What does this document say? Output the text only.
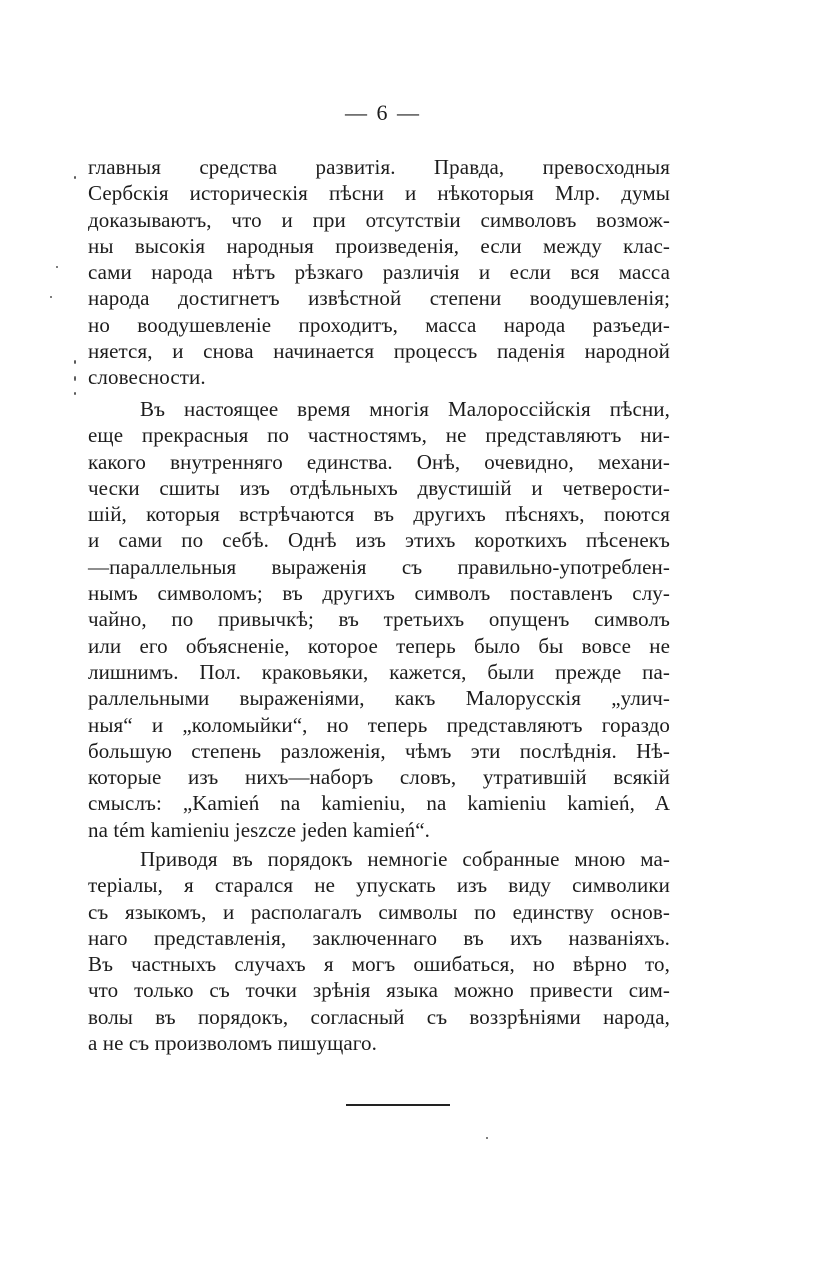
— 6 —
главныя средства развитія. Правда, превосходныя
Сербскія историческія пѣсни и нѣкоторыя Млр. думы
доказываютъ, что и при отсутствіи символовъ возмож-
ны высокія народныя произведенія, если между клас-
сами народа нѣтъ рѣзкаго различія и если вся масса
народа достигнетъ извѣстной степени воодушевленія;
но воодушевленіе проходитъ, масса народа разъеди-
няется, и снова начинается процессъ паденія народной
словесности.
Въ настоящее время многія Малороссійскія пѣсни,
еще прекрасныя по частностямъ, не представляютъ ни-
какого внутренняго единства. Онѣ, очевидно, механи-
чески сшиты изъ отдѣльныхъ двустишій и четверости-
шій, которыя встрѣчаются въ другихъ пѣсняхъ, поются
и сами по себѣ. Однѣ изъ этихъ короткихъ пѣсенекъ
—параллельныя выраженія съ правильно-употреблен-
нымъ символомъ; въ другихъ символъ поставленъ слу-
чайно, по привычкѣ; въ третьихъ опущенъ символъ
или его объясненіе, которое теперь было бы вовсе не
лишнимъ. Пол. краковьяки, кажется, были прежде па-
раллельными выраженіями, какъ Малорусскія „улич-
ныя“ и „коломыйки“, но теперь представляютъ гораздо
большую степень разложенія, чѣмъ эти послѣднія. Нѣ-
которые изъ нихъ—наборъ словъ, утратившій всякій
смыслъ: „Kamień na kamieniu, na kamieniu kamień, A
na tém kamieniu jeszcze jeden kamień“.
Приводя въ порядокъ немногіе собранные мною ма-
теріалы, я старался не упускать изъ виду символики
съ языкомъ, и располагалъ символы по единству основ-
наго представленія, заключеннаго въ ихъ названіяхъ.
Въ частныхъ случахъ я могъ ошибаться, но вѣрно то,
что только съ точки зрѣнія языка можно привести сим-
волы въ порядокъ, согласный съ воззрѣніями народа,
а не съ произволомъ пишущаго.
